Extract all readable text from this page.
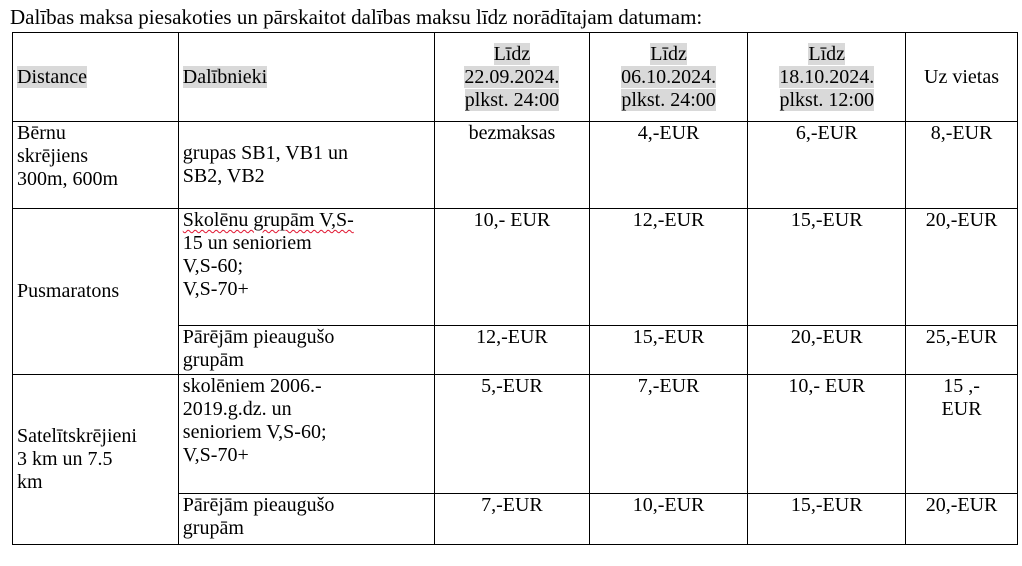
Dalības maksa piesakoties un pārskaitot dalības maksu līdz norādītajam datumam:
Distance	Dalībnieki	Līdz
22.09.2024.
plkst. 24:00	Līdz
06.10.2024.
plkst. 24:00	Līdz
18.10.2024.
plkst. 12:00	Uz vietas
Bērnu
skrējiens
300m, 600m	grupas SB1, VB1 un
SB2, VB2	bezmaksas	4,-EUR	6,-EUR	8,-EUR
Pusmaratons	Skolēnu grupām V,S-
15 un senioriem
V,S-60;
V,S-70+	10,- EUR	12,-EUR	15,-EUR	20,-EUR
	Pārējām pieaugušo
grupām	12,-EUR	15,-EUR	20,-EUR	25,-EUR
Satelītskrējieni
3 km un 7.5
km	skolēniem 2006.-
2019.g.dz. un
senioriem V,S-60;
V,S-70+	5,-EUR	7,-EUR	10,- EUR	15 ,-
EUR
	Pārējām pieaugušo
grupām	7,-EUR	10,-EUR	15,-EUR	20,-EUR
